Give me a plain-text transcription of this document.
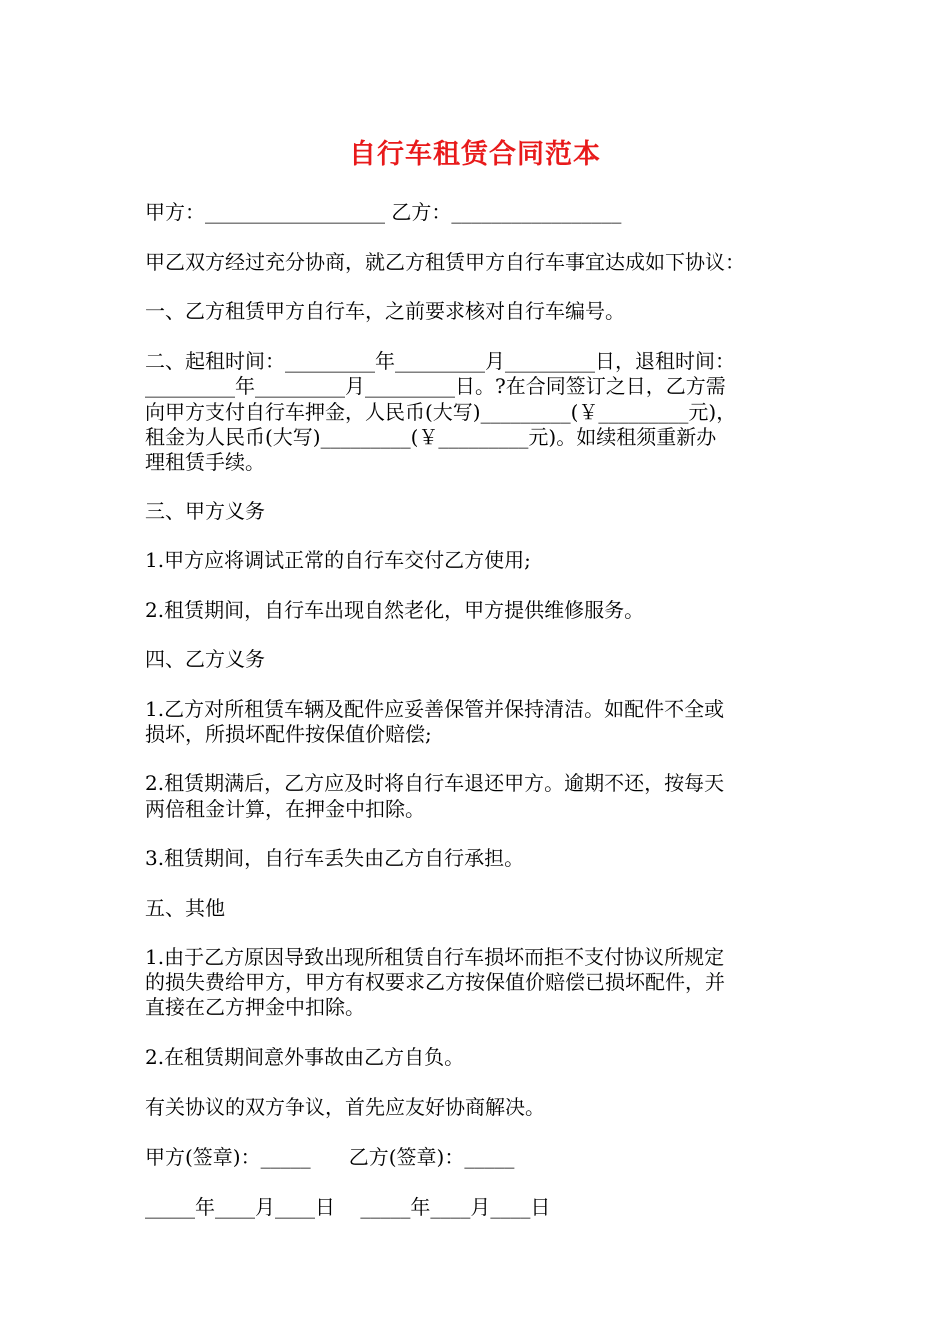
自行车租赁合同范本
甲方：__________________ 乙方：_________________
甲乙双方经过充分协商，就乙方租赁甲方自行车事宜达成如下协议：
一、乙方租赁甲方自行车，之前要求核对自行车编号。
二、起租时间：_________年_________月_________日，退租时间：
_________年_________月_________日。?在合同签订之日，乙方需
向甲方支付自行车押金，人民币(大写)_________(￥_________元)，
租金为人民币(大写)_________(￥_________元)。如续租须重新办
理租赁手续。
三、甲方义务
1.甲方应将调试正常的自行车交付乙方使用;
2.租赁期间，自行车出现自然老化，甲方提供维修服务。
四、乙方义务
1.乙方对所租赁车辆及配件应妥善保管并保持清洁。如配件不全或
损坏，所损坏配件按保值价赔偿;
2.租赁期满后，乙方应及时将自行车退还甲方。逾期不还，按每天
两倍租金计算，在押金中扣除。
3.租赁期间，自行车丢失由乙方自行承担。
五、其他
1.由于乙方原因导致出现所租赁自行车损坏而拒不支付协议所规定
的损失费给甲方，甲方有权要求乙方按保值价赔偿已损坏配件，并
直接在乙方押金中扣除。
2.在租赁期间意外事故由乙方自负。
有关协议的双方争议，首先应友好协商解决。
甲方(签章)：_____      乙方(签章)：_____
_____年____月____日    _____年____月____日
